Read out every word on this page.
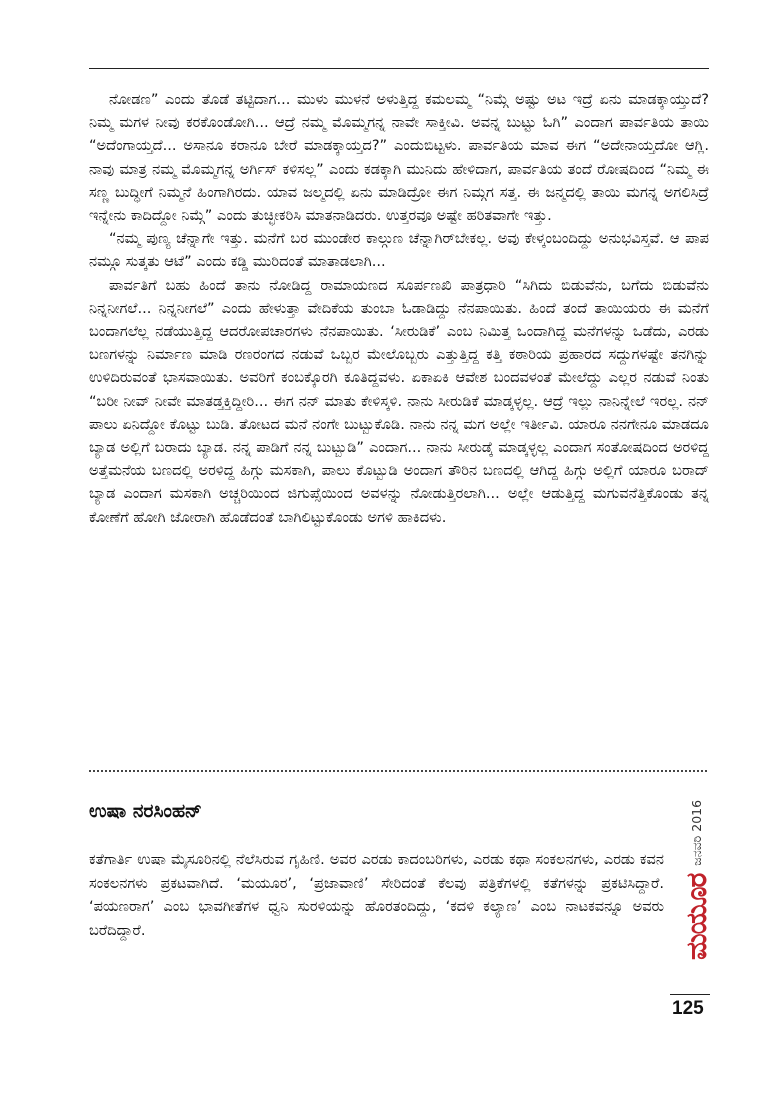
ನೋಡಣ” ಎಂದು ತೊಡೆ ತಟ್ಟಿದಾಗ... ಮುಳು ಮುಳನೆ ಅಳುತ್ತಿದ್ದ ಕಮಲಮ್ಮ “ನಿಮ್ಗೆ ಅಷ್ಟು ಅಟ ಇದ್ರೆ ಏನು ಮಾಡಕ್ಕಾಯ್ತುದೆ? ನಿಮ್ಮ ಮಗಳ ನೀವು ಕರಕೊಂಡೋಗಿ... ಆದ್ರೆ ನಮ್ಮ ಮೊಮ್ಮಗನ್ನ ನಾವೇ ಸಾಕ್ತೀವಿ. ಅವನ್ನ ಬುಟ್ಟು ಓಗಿ” ಎಂದಾಗ ಪಾರ್ವತಿಯ ತಾಯಿ “ಅದೆಂಗಾಯ್ತದೆ... ಅಸಾನೂ ಕರಾನೂ ಬೇರೆ ಮಾಡಕ್ಕಾಯ್ತದ?” ಎಂದುಬಿಟ್ಟಳು. ಪಾರ್ವತಿಯ ಮಾವ ಈಗ “ಅದೇನಾಯ್ತದೋ ಆಗ್ಲಿ. ನಾವು ಮಾತ್ರ ನಮ್ಮ ಮೊಮ್ಮಗನ್ನ ಅರ್ಗಿಸ್ ಕಳಿಸಲ್ಲ” ಎಂದು ಕಡಕ್ಕಾಗಿ ಮುನಿದು ಹೇಳಿದಾಗ, ಪಾರ್ವತಿಯ ತಂದೆ ರೋಷದಿಂದ “ನಿಮ್ಮ ಈ ಸಣ್ಣ ಬುದ್ಧೀಗೆ ನಿಮ್ಮನೆ ಹಿಂಗಾಗಿರದು. ಯಾವ ಜಲ್ಮದಲ್ಲಿ ಏನು ಮಾಡಿದ್ರೋ ಈಗ ನಿಮ್ಗಗ ಸತ್ತ. ಈ ಜನ್ಮದಲ್ಲಿ ತಾಯಿ ಮಗನ್ನ ಅಗಲಿಸಿದ್ರೆ ಇನ್ನೇನು ಕಾದಿದ್ದೋ ನಿಮ್ಗೆ” ಎಂದು ತುಚ್ಛೀಕರಿಸಿ ಮಾತನಾಡಿದರು. ಉತ್ತರವೂ ಅಷ್ಟೇ ಹರಿತವಾಗೇ ಇತ್ತು.

“ನಮ್ಮ ಪುಣ್ಯ ಚೆನ್ನಾಗೇ ಇತ್ತು. ಮನೆಗೆ ಬರ ಮುಂಡೇರ ಕಾಲ್ಗುಣ ಚೆನ್ನಾಗಿರ್‌ಬೇಕಲ್ಲ. ಅವು ಕೇಳ್ಕಂಬಂದಿದ್ದು ಅನುಭವಿಸ್ತವೆ. ಆ ಪಾಪ ನಮ್ಗೂ ಸುತ್ಕತು ಆಟೆ” ಎಂದು ಕಡ್ಡಿ ಮುರಿದಂತೆ ಮಾತಾಡಲಾಗಿ...

ಪಾರ್ವತಿಗೆ ಬಹು ಹಿಂದೆ ತಾನು ನೋಡಿದ್ದ ರಾಮಾಯಣದ ಸೂರ್ಪಣಖಿ ಪಾತ್ರಧಾರಿ “ಸಿಗಿದು ಬಿಡುವೆನು, ಬಗೆದು ಬಿಡುವೆನು ನಿನ್ನನೀಗಲೆ... ನಿನ್ನನೀಗಲೆ” ಎಂದು ಹೇಳುತ್ತಾ ವೇದಿಕೆಯ ತುಂಬಾ ಓಡಾಡಿದ್ದು ನೆನಪಾಯಿತು. ಹಿಂದೆ ತಂದೆ ತಾಯಿಯರು ಈ ಮನೆಗೆ ಬಂದಾಗಲೆಲ್ಲ ನಡೆಯುತ್ತಿದ್ದ ಆದರೋಪಚಾರಗಳು ನೆನಪಾಯಿತು. ‘ಸೀರುಡಿಕೆ’ ಎಂಬ ನಿಮಿತ್ತ ಒಂದಾಗಿದ್ದ ಮನೆಗಳನ್ನು ಒಡೆದು, ಎರಡು ಬಣಗಳನ್ನು ನಿರ್ಮಾಣ ಮಾಡಿ ರಣರಂಗದ ನಡುವೆ ಒಬ್ಬರ ಮೇಲೊಬ್ಬರು ಎತ್ತುತ್ತಿದ್ದ ಕತ್ತಿ ಕಠಾರಿಯ ಪ್ರಹಾರದ ಸದ್ದುಗಳಷ್ಟೇ ತನಗಿನ್ನು ಉಳಿದಿರುವಂತೆ ಭಾಸವಾಯಿತು. ಅವರಿಗೆ ಕಂಬಕ್ಕೊರಗಿ ಕೂತಿದ್ದವಳು. ಏಕಾಏಕಿ ಆವೇಶ ಬಂದವಳಂತೆ ಮೇಲೆದ್ದು ಎಲ್ಲರ ನಡುವೆ ನಿಂತು “ಬರೀ ನೀವ್ ನೀವೇ ಮಾತಡ್ತಕ್ತಿದ್ದೀರಿ... ಈಗ ನನ್ ಮಾತು ಕೇಳಿಸ್ಕಳಿ. ನಾನು ಸೀರುಡಿಕೆ ಮಾಡ್ಕಳ್ಳಲ್ಲ. ಆದ್ರೆ ಇಲ್ಲು ನಾನಿನ್ನೇಲೆ ಇರಲ್ಲ. ನನ್ ಪಾಲು ಏನಿದ್ದೋ ಕೊಟ್ಟು ಬುಡಿ. ತೋಟದ ಮನೆ ನಂಗೇ ಬುಟ್ಬುಕೊಡಿ. ನಾನು ನನ್ನ ಮಗ ಅಲ್ಲೇ ಇರ್ತೀವಿ. ಯಾರೂ ನನಗೇನೂ ಮಾಡದೂ ಬ್ಯಾಡ ಅಲ್ಲಿಗೆ ಬರಾದು ಬ್ಯಾಡ. ನನ್ನ ಪಾಡಿಗೆ ನನ್ನ ಬುಟ್ಬುಡಿ” ಎಂದಾಗ... ನಾನು ಸೀರುಡ್ಕೆ ಮಾಡ್ಕಳ್ಳಲ್ಲ ಎಂದಾಗ ಸಂತೋಷದಿಂದ ಅರಳಿದ್ದ ಅತ್ತೆಮನೆಯ ಬಣದಲ್ಲಿ ಅರಳಿದ್ದ ಹಿಗ್ಗು ಮಸಕಾಗಿ, ಪಾಲು ಕೊಟ್ಬುಡಿ ಅಂದಾಗ ತೌರಿನ ಬಣದಲ್ಲಿ ಆಗಿದ್ದ ಹಿಗ್ಗು ಅಲ್ಲಿಗೆ ಯಾರೂ ಬರಾದ್ ಬ್ಯಾಡ ಎಂದಾಗ ಮಸಕಾಗಿ ಅಚ್ಚರಿಯಿಂದ ಜಿಗುಪ್ಸೆಯಿಂದ ಅವಳನ್ನು ನೋಡುತ್ತಿರಲಾಗಿ... ಅಲ್ಲೇ ಆಡುತ್ತಿದ್ದ ಮಗುವನೆತ್ತಿಕೊಂಡು ತನ್ನ ಕೋಣೆಗೆ ಹೋಗಿ ಜೋರಾಗಿ ಹೊಡೆದಂತೆ ಬಾಗಿಲಿಟ್ಟುಕೊಂಡು ಅಗಳಿ ಹಾಕಿದಳು.

ಉಷಾ ನರಸಿಂಹನ್

ಕತೆಗಾರ್ತಿ ಉಷಾ ಮೈಸೂರಿನಲ್ಲಿ ನೆಲೆಸಿರುವ ಗೃಹಿಣಿ. ಅವರ ಎರಡು ಕಾದಂಬರಿಗಳು, ಎರಡು ಕಥಾ ಸಂಕಲನಗಳು, ಎರಡು ಕವನ ಸಂಕಲನಗಳು ಪ್ರಕಟವಾಗಿದೆ. ‘ಮಯೂರ’, ‘ಪ್ರಜಾವಾಣಿ’ ಸೇರಿದಂತೆ ಕೆಲವು ಪತ್ರಿಕೆಗಳಲ್ಲಿ ಕತೆಗಳನ್ನು ಪ್ರಕಟಿಸಿದ್ದಾರೆ. ‘ಪಯಣರಾಗ’ ಎಂಬ ಭಾವಗೀತೆಗಳ ಧ್ವನಿ ಸುರಳಿಯನ್ನು ಹೊರತಂದಿದ್ದು, ‘ಕದಳಿ ಕಲ್ಯಾಣ’ ಎಂಬ ನಾಟಕವನ್ನೂ ಅವರು ಬರೆದಿದ್ದಾರೆ.	ಮಯೂರ
ಜನವರಿ 2016
125
